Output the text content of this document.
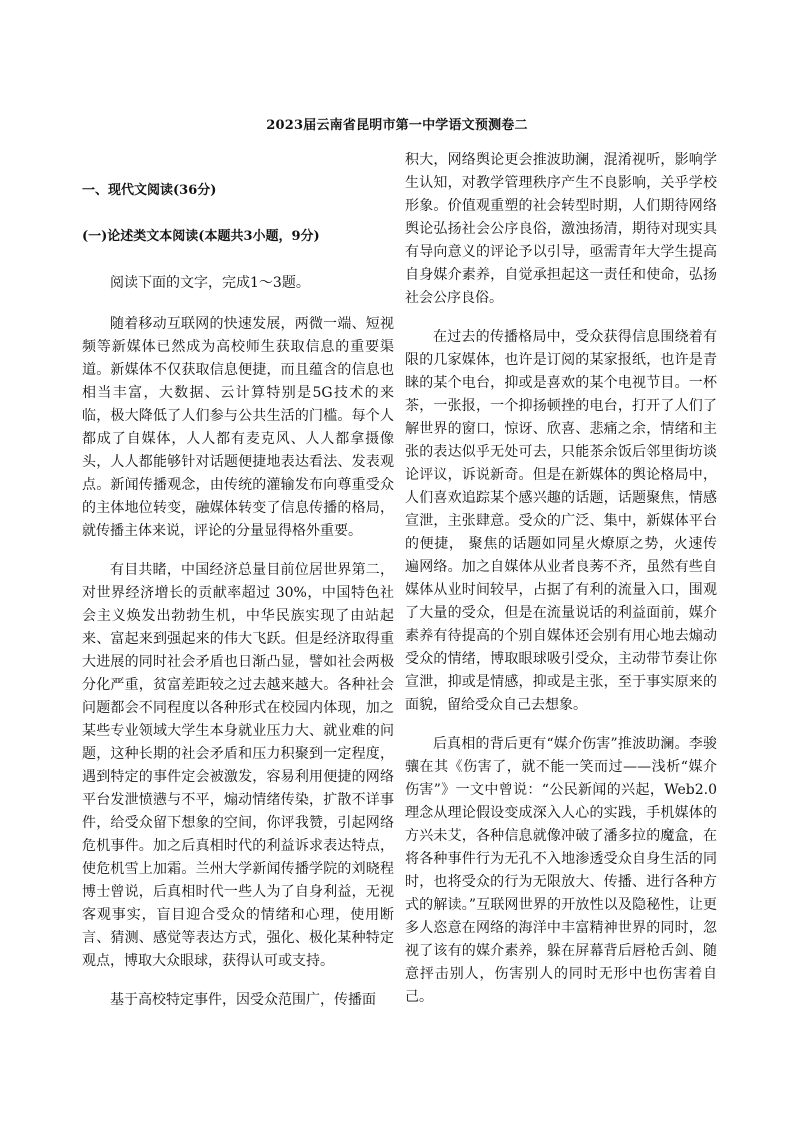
2023届云南省昆明市第一中学语文预测卷二

一、现代文阅读(36分)

(一)论述类文本阅读(本题共3小题，9分)

阅读下面的文字，完成1～3题。

随着移动互联网的快速发展，两微一端、短视频等新媒体已然成为高校师生获取信息的重要渠道。新媒体不仅获取信息便捷，而且蕴含的信息也相当丰富，大数据、云计算特别是5G技术的来临，极大降低了人们参与公共生活的门槛。每个人都成了自媒体，人人都有麦克风、人人都拿摄像头，人人都能够针对话题便捷地表达看法、发表观点。新闻传播观念，由传统的灌输发布向尊重受众的主体地位转变，融媒体转变了信息传播的格局，就传播主体来说，评论的分量显得格外重要。

有目共睹，中国经济总量目前位居世界第二，对世界经济增长的贡献率超过 30%，中国特色社会主义焕发出勃勃生机，中华民族实现了由站起来、富起来到强起来的伟大飞跃。但是经济取得重大进展的同时社会矛盾也日渐凸显，譬如社会两极分化严重，贫富差距较之过去越来越大。各种社会问题都会不同程度以各种形式在校园内体现，加之某些专业领域大学生本身就业压力大、就业难的问题，这种长期的社会矛盾和压力积聚到一定程度，遇到特定的事件定会被激发，容易利用便捷的网络平台发泄愤懑与不平，煽动情绪传染，扩散不详事件，给受众留下想象的空间，你评我赞，引起网络危机事件。加之后真相时代的利益诉求表达特点，使危机雪上加霜。兰州大学新闻传播学院的刘晓程博士曾说，后真相时代一些人为了自身利益，无视客观事实，盲目迎合受众的情绪和心理，使用断言、猜测、感觉等表达方式，强化、极化某种特定观点，博取大众眼球，获得认可或支持。

基于高校特定事件，因受众范围广，传播面

积大，网络舆论更会推波助澜，混淆视听，影响学生认知，对教学管理秩序产生不良影响，关乎学校形象。价值观重塑的社会转型时期，人们期待网络舆论弘扬社会公序良俗，激浊扬清，期待对现实具有导向意义的评论予以引导，亟需青年大学生提高自身媒介素养，自觉承担起这一责任和使命，弘扬社会公序良俗。

在过去的传播格局中，受众获得信息围绕着有限的几家媒体，也许是订阅的某家报纸，也许是青睐的某个电台，抑或是喜欢的某个电视节目。一杯茶，一张报，一个抑扬顿挫的电台，打开了人们了解世界的窗口，惊讶、欣喜、悲痛之余，情绪和主张的表达似乎无处可去，只能茶余饭后邻里街坊谈论评议，诉说新奇。但是在新媒体的舆论格局中，人们喜欢追踪某个感兴趣的话题，话题聚焦，情感宣泄，主张肆意。受众的广泛、集中，新媒体平台的便捷， 聚焦的话题如同星火燎原之势，火速传遍网络。加之自媒体从业者良莠不齐，虽然有些自媒体从业时间较早，占据了有利的流量入口，围观了大量的受众，但是在流量说话的利益面前，媒介素养有待提高的个别自媒体还会别有用心地去煽动受众的情绪，博取眼球吸引受众，主动带节奏让你宣泄，抑或是情感，抑或是主张，至于事实原来的面貌，留给受众自己去想象。

后真相的背后更有“媒介伤害”推波助澜。李骏骧在其《伤害了，就不能一笑而过——浅析“媒介伤害”》一文中曾说：“公民新闻的兴起，Web2.0理念从理论假设变成深入人心的实践，手机媒体的方兴未艾，各种信息就像冲破了潘多拉的魔盒，在将各种事件行为无孔不入地渗透受众自身生活的同时，也将受众的行为无限放大、传播、进行各种方式的解读。”互联网世界的开放性以及隐秘性，让更多人恣意在网络的海洋中丰富精神世界的同时，忽视了该有的媒介素养，躲在屏幕背后唇枪舌剑、随意抨击别人，伤害别人的同时无形中也伤害着自己。
